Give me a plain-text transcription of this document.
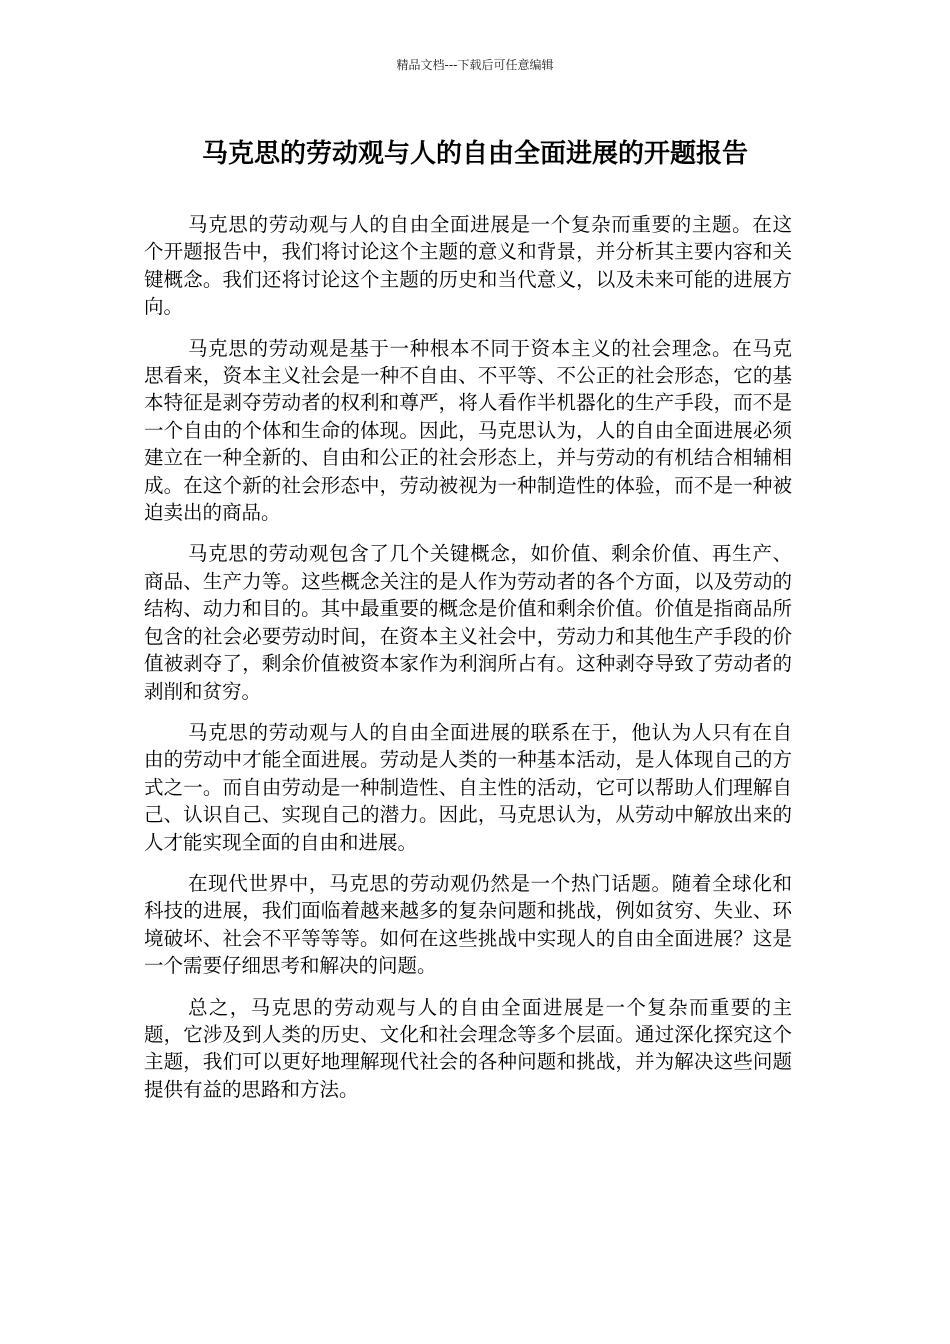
精品文档---下载后可任意编辑
马克思的劳动观与人的自由全面进展的开题报告

马克思的劳动观与人的自由全面进展是一个复杂而重要的主题。在这个开题报告中，我们将讨论这个主题的意义和背景，并分析其主要内容和关键概念。我们还将讨论这个主题的历史和当代意义，以及未来可能的进展方向。

马克思的劳动观是基于一种根本不同于资本主义的社会理念。在马克思看来，资本主义社会是一种不自由、不平等、不公正的社会形态，它的基本特征是剥夺劳动者的权利和尊严，将人看作半机器化的生产手段，而不是一个自由的个体和生命的体现。因此，马克思认为，人的自由全面进展必须建立在一种全新的、自由和公正的社会形态上，并与劳动的有机结合相辅相成。在这个新的社会形态中，劳动被视为一种制造性的体验，而不是一种被迫卖出的商品。

马克思的劳动观包含了几个关键概念，如价值、剩余价值、再生产、商品、生产力等。这些概念关注的是人作为劳动者的各个方面，以及劳动的结构、动力和目的。其中最重要的概念是价值和剩余价值。价值是指商品所包含的社会必要劳动时间，在资本主义社会中，劳动力和其他生产手段的价值被剥夺了，剩余价值被资本家作为利润所占有。这种剥夺导致了劳动者的剥削和贫穷。

马克思的劳动观与人的自由全面进展的联系在于，他认为人只有在自由的劳动中才能全面进展。劳动是人类的一种基本活动，是人体现自己的方式之一。而自由劳动是一种制造性、自主性的活动，它可以帮助人们理解自己、认识自己、实现自己的潜力。因此，马克思认为，从劳动中解放出来的人才能实现全面的自由和进展。

在现代世界中，马克思的劳动观仍然是一个热门话题。随着全球化和科技的进展，我们面临着越来越多的复杂问题和挑战，例如贫穷、失业、环境破坏、社会不平等等等。如何在这些挑战中实现人的自由全面进展？这是一个需要仔细思考和解决的问题。

总之，马克思的劳动观与人的自由全面进展是一个复杂而重要的主题，它涉及到人类的历史、文化和社会理念等多个层面。通过深化探究这个主题，我们可以更好地理解现代社会的各种问题和挑战，并为解决这些问题提供有益的思路和方法。
